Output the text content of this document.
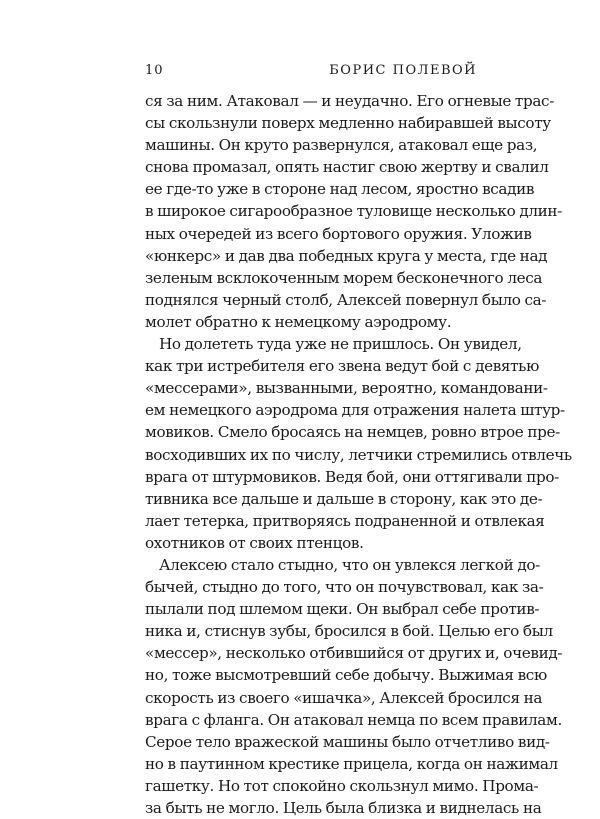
10	БОРИС ПОЛЕВОЙ
ся за ним. Атаковал — и неудачно. Его огневые трас-
сы скользнули поверх медленно набиравшей высоту
машины. Он круто развернулся, атаковал еще раз,
снова промазал, опять настиг свою жертву и свалил
ее где-то уже в стороне над лесом, яростно всадив
в широкое сигарообразное туловище несколько длин-
ных очередей из всего бортового оружия. Уложив
«юнкерс» и дав два победных круга у места, где над
зеленым всклокоченным морем бесконечного леса
поднялся черный столб, Алексей повернул было са-
молет обратно к немецкому аэродрому.
Но долететь туда уже не пришлось. Он увидел,
как три истребителя его звена ведут бой с девятью
«мессерами», вызванными, вероятно, командовани-
ем немецкого аэродрома для отражения налета штур-
мовиков. Смело бросаясь на немцев, ровно втрое пре-
восходивших их по числу, летчики стремились отвлечь
врага от штурмовиков. Ведя бой, они оттягивали про-
тивника все дальше и дальше в сторону, как это де-
лает тетерка, притворяясь подраненной и отвлекая
охотников от своих птенцов.
Алексею стало стыдно, что он увлекся легкой до-
бычей, стыдно до того, что он почувствовал, как за-
пылали под шлемом щеки. Он выбрал себе против-
ника и, стиснув зубы, бросился в бой. Целью его был
«мессер», несколько отбившийся от других и, очевид-
но, тоже высмотревший себе добычу. Выжимая всю
скорость из своего «ишачка», Алексей бросился на
врага с фланга. Он атаковал немца по всем правилам.
Серое тело вражеской машины было отчетливо вид-
но в паутинном крестике прицела, когда он нажимал
гашетку. Но тот спокойно скользнул мимо. Прома-
за быть не могло. Цель была близка и виднелась на
